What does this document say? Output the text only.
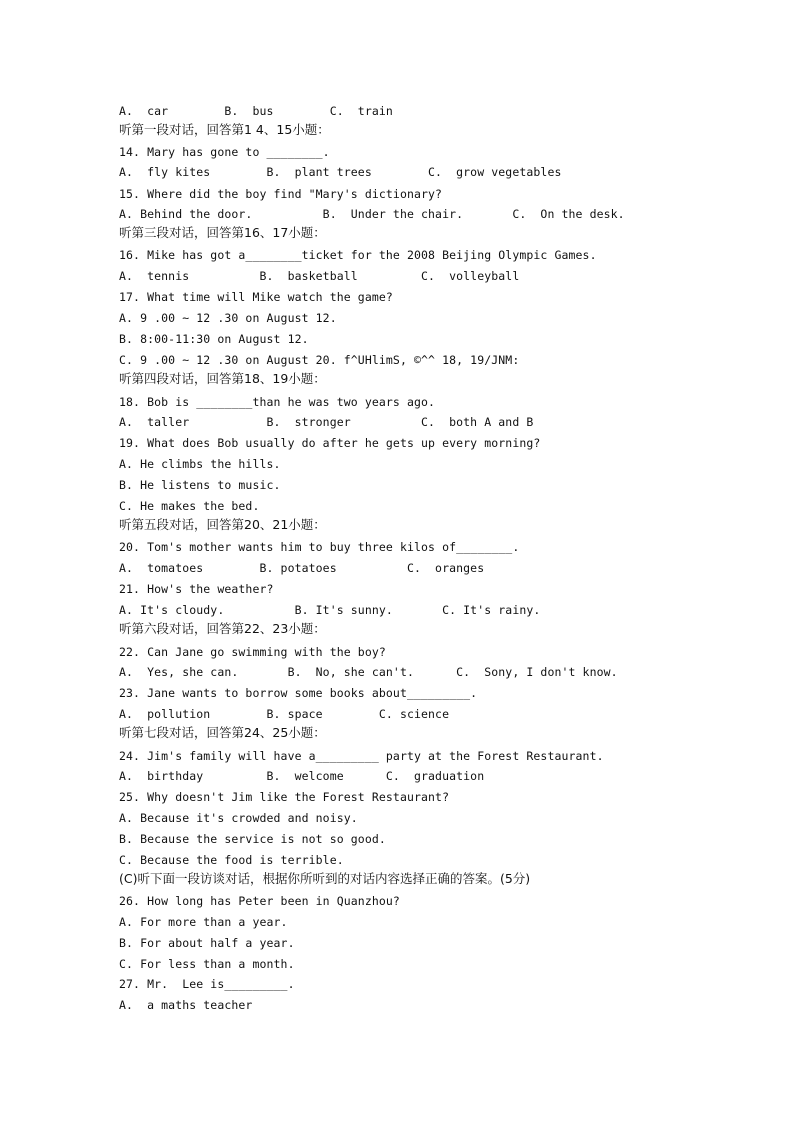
A.  car        B.  bus        C.  train
听第一段对话，回答第1 4、15小题：
14. Mary has gone to ________.
A.  fly kites        B.  plant trees        C.  grow vegetables
15. Where did the boy find "Mary's dictionary?
A. Behind the door.          B.  Under the chair.       C.  On the desk.
听第三段对话，回答第16、17小题：
16. Mike has got a________ticket for the 2008 Beijing Olympic Games.
A.  tennis          B.  basketball         C.  volleyball
17. What time will Mike watch the game?
A. 9 .00 ~ 12 .30 on August 12.
B. 8:00-11:30 on August 12.
C. 9 .00 ~ 12 .30 on August 20. f^UHlimS, ©^^ 18, 19/JNM:
听第四段对话，回答第18、19小题：
18. Bob is ________than he was two years ago.
A.  taller           B.  stronger          C.  both A and B
19. What does Bob usually do after he gets up every morning?
A. He climbs the hills.
B. He listens to music.
C. He makes the bed.
听第五段对话，回答第20、21小题：
20. Tom's mother wants him to buy three kilos of________.
A.  tomatoes        B. potatoes          C.  oranges
21. How's the weather?
A. It's cloudy.          B. It's sunny.       C. It's rainy.
听第六段对话，回答第22、23小题：
22. Can Jane go swimming with the boy?
A.  Yes, she can.       B.  No, she can't.      C.  Sony, I don't know.
23. Jane wants to borrow some books about_________.
A.  pollution        B. space        C. science
听第七段对话，回答第24、25小题：
24. Jim's family will have a_________ party at the Forest Restaurant.
A.  birthday         B.  welcome      C.  graduation
25. Why doesn't Jim like the Forest Restaurant?
A. Because it's crowded and noisy.
B. Because the service is not so good.
C. Because the food is terrible.
(C)听下面一段访谈对话，根据你所听到的对话内容选择正确的答案。(5分)
26. How long has Peter been in Quanzhou?
A. For more than a year.
B. For about half a year.
C. For less than a month.
27. Mr.  Lee is_________.
A.  a maths teacher
